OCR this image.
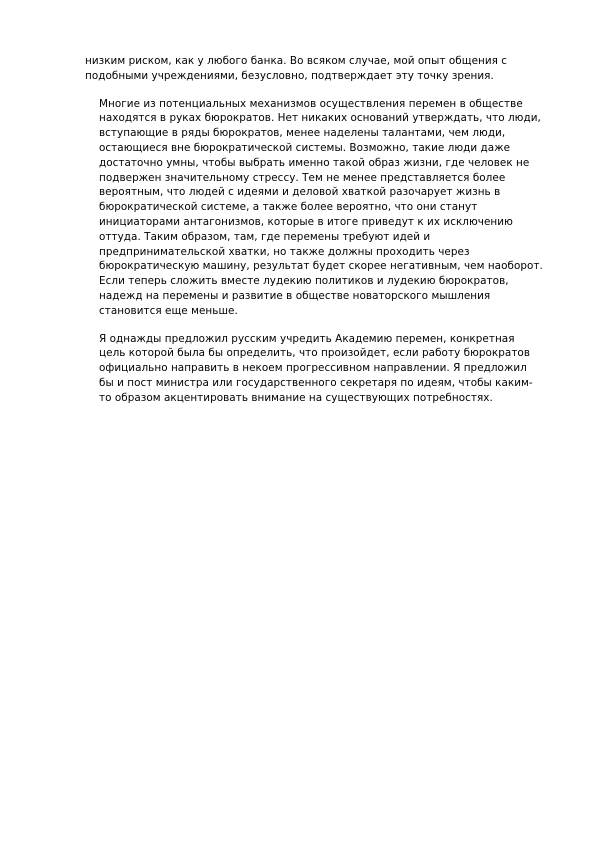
низким риском, как у любого банка. Во всяком случае, мой опыт общения с
подобными учреждениями, безусловно, подтверждает эту точку зрения.

Многие из потенциальных механизмов осуществления перемен в обществе
находятся в руках бюрократов. Нет никаких оснований утверждать, что люди,
вступающие в ряды бюрократов, менее наделены талантами, чем люди,
остающиеся вне бюрократической системы. Возможно, такие люди даже
достаточно умны, чтобы выбрать именно такой образ жизни, где человек не
подвержен значительному стрессу. Тем не менее представляется более
вероятным, что людей с идеями и деловой хваткой разочарует жизнь в
бюрократической системе, а также более вероятно, что они станут
инициаторами антагонизмов, которые в итоге приведут к их исключению
оттуда. Таким образом, там, где перемены требуют идей и
предпринимательской хватки, но также должны проходить через
бюрократическую машину, результат будет скорее негативным, чем наоборот.
Если теперь сложить вместе лудекию политиков и лудекию бюрократов,
надежд на перемены и развитие в обществе новаторского мышления
становится еще меньше.

Я однажды предложил русским учредить Академию перемен, конкретная
цель которой была бы определить, что произойдет, если работу бюрократов
официально направить в некоем прогрессивном направлении. Я предложил
бы и пост министра или государственного секретаря по идеям, чтобы каким-
то образом акцентировать внимание на существующих потребностях.
